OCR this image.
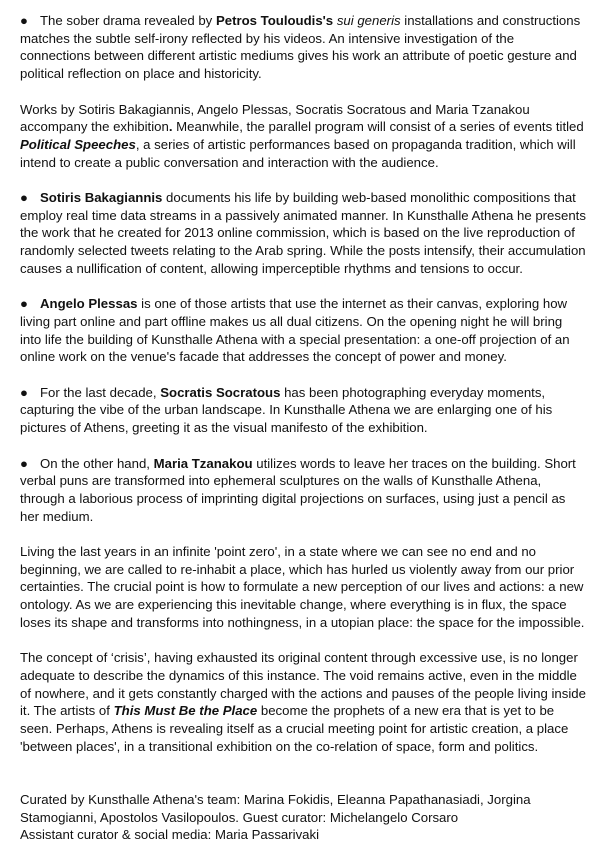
● The sober drama revealed by Petros Touloudis's sui generis installations and constructions matches the subtle self-irony reflected by his videos. An intensive investigation of the connections between different artistic mediums gives his work an attribute of poetic gesture and political reflection on place and historicity.

Works by Sotiris Bakagiannis, Angelo Plessas, Socratis Socratous and Maria Tzanakou accompany the exhibition. Meanwhile, the parallel program will consist of a series of events titled Political Speeches, a series of artistic performances based on propaganda tradition, which will intend to create a public conversation and interaction with the audience.

● Sotiris Bakagiannis documents his life by building web-based monolithic compositions that employ real time data streams in a passively animated manner. In Kunsthalle Athena he presents the work that he created for 2013 online commission, which is based on the live reproduction of randomly selected tweets relating to the Arab spring. While the posts intensify, their accumulation causes a nullification of content, allowing imperceptible rhythms and tensions to occur.

● Angelo Plessas is one of those artists that use the internet as their canvas, exploring how living part online and part offline makes us all dual citizens. On the opening night he will bring into life the building of Kunsthalle Athena with a special presentation: a one-off projection of an online work on the venue's facade that addresses the concept of power and money.

● For the last decade, Socratis Socratous has been photographing everyday moments, capturing the vibe of the urban landscape. In Kunsthalle Athena we are enlarging one of his pictures of Athens, greeting it as the visual manifesto of the exhibition.

● On the other hand, Maria Tzanakou utilizes words to leave her traces on the building. Short verbal puns are transformed into ephemeral sculptures on the walls of Kunsthalle Athena, through a laborious process of imprinting digital projections on surfaces, using just a pencil as her medium.

Living the last years in an infinite 'point zero', in a state where we can see no end and no beginning, we are called to re-inhabit a place, which has hurled us violently away from our prior certainties. The crucial point is how to formulate a new perception of our lives and actions: a new ontology. As we are experiencing this inevitable change, where everything is in flux, the space loses its shape and transforms into nothingness, in a utopian place: the space for the impossible.

The concept of ‘crisis’, having exhausted its original content through excessive use, is no longer adequate to describe the dynamics of this instance. The void remains active, even in the middle of nowhere, and it gets constantly charged with the actions and pauses of the people living inside it. The artists of This Must Be the Place become the prophets of a new era that is yet to be seen. Perhaps, Athens is revealing itself as a crucial meeting point for artistic creation, a place 'between places', in a transitional exhibition on the co-relation of space, form and politics.

Curated by Kunsthalle Athena's team: Marina Fokidis, Eleanna Papathanasiadi, Jorgina Stamogianni, Apostolos Vasilopoulos. Guest curator: Michelangelo Corsaro
Assistant curator & social media: Maria Passarivaki
